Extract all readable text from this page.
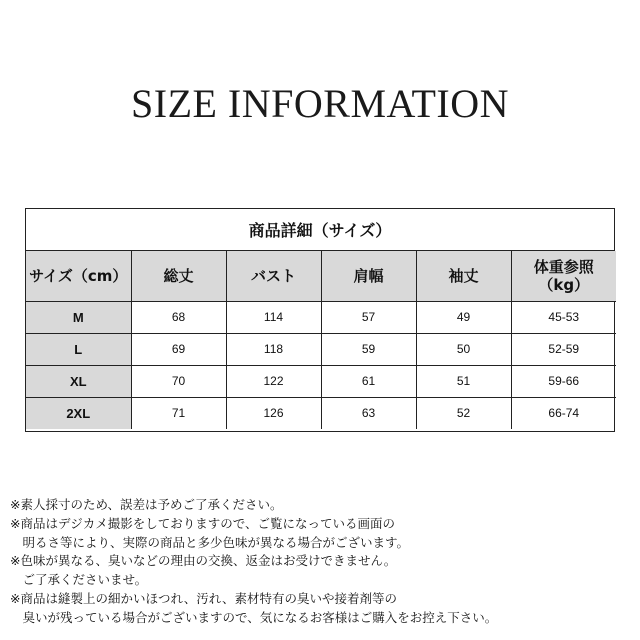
SIZE INFORMATION
商品詳細（サイズ）
サイズ（cm）	総丈	バスト	肩幅	袖丈	体重参照
（kg）
M	68	114	57	49	45-53
L	69	118	59	50	52-59
XL	70	122	61	51	59-66
2XL	71	126	63	52	66-74
※素人採寸のため、誤差は予めご了承ください。
※商品はデジカメ撮影をしておりますので、ご覧になっている画面の
　明るさ等により、実際の商品と多少色味が異なる場合がございます。
※色味が異なる、臭いなどの理由の交換、返金はお受けできません。
　ご了承くださいませ。
※商品は縫製上の細かいほつれ、汚れ、素材特有の臭いや接着剤等の
　臭いが残っている場合がございますので、気になるお客様はご購入をお控え下さい。
